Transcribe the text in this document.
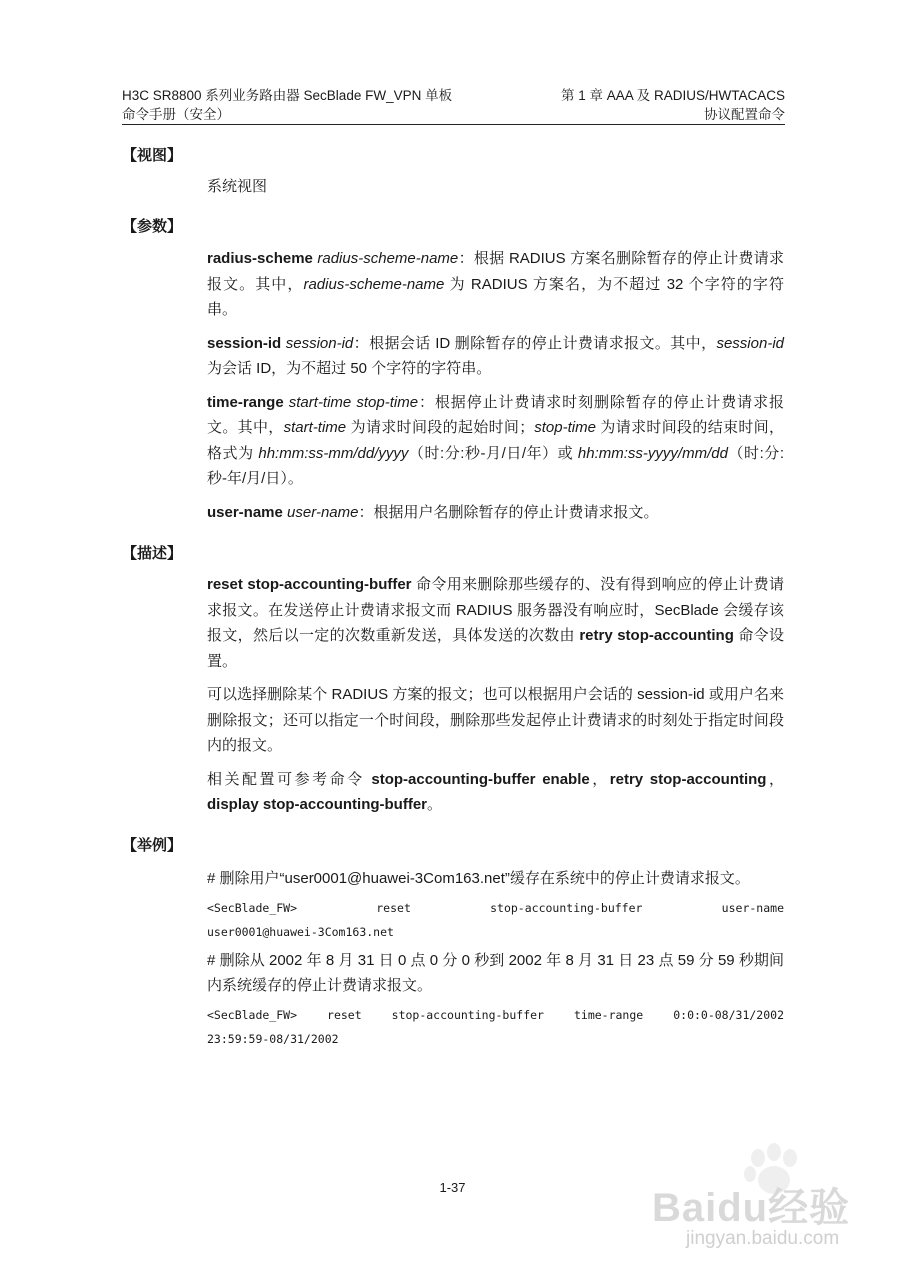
H3C SR8800 系列业务路由器 SecBlade FW_VPN 单板
命令手册（安全）
第 1 章 AAA 及 RADIUS/HWTACACS
协议配置命令
【视图】

系统视图

【参数】

radius-scheme radius-scheme-name：根据 RADIUS 方案名删除暂存的停止计费请求报文。其中，radius-scheme-name 为 RADIUS 方案名，为不超过 32 个字符的字符串。

session-id session-id：根据会话 ID 删除暂存的停止计费请求报文。其中，session-id 为会话 ID，为不超过 50 个字符的字符串。

time-range start-time stop-time：根据停止计费请求时刻删除暂存的停止计费请求报文。其中，start-time 为请求时间段的起始时间；stop-time 为请求时间段的结束时间，格式为 hh:mm:ss-mm/dd/yyyy（时:分:秒-月/日/年）或 hh:mm:ss-yyyy/mm/dd（时:分:秒-年/月/日）。

user-name user-name：根据用户名删除暂存的停止计费请求报文。

【描述】

reset stop-accounting-buffer 命令用来删除那些缓存的、没有得到响应的停止计费请求报文。在发送停止计费请求报文而 RADIUS 服务器没有响应时，SecBlade 会缓存该报文，然后以一定的次数重新发送，具体发送的次数由 retry stop-accounting 命令设置。

可以选择删除某个 RADIUS 方案的报文；也可以根据用户会话的 session-id 或用户名来删除报文；还可以指定一个时间段，删除那些发起停止计费请求的时刻处于指定时间段内的报文。

相关配置可参考命令 stop-accounting-buffer enable，retry stop-accounting，display stop-accounting-buffer。

【举例】

# 删除用户“user0001@huawei-3Com163.net”缓存在系统中的停止计费请求报文。

<SecBlade_FW> reset stop-accounting-buffer user-name

user0001@huawei-3Com163.net

# 删除从 2002 年 8 月 31 日 0 点 0 分 0 秒到 2002 年 8 月 31 日 23 点 59 分 59 秒期间内系统缓存的停止计费请求报文。

<SecBlade_FW> reset stop-accounting-buffer time-range 0:0:0-08/31/2002

23:59:59-08/31/2002

1-37	Baidu经验
jingyan.baidu.com
